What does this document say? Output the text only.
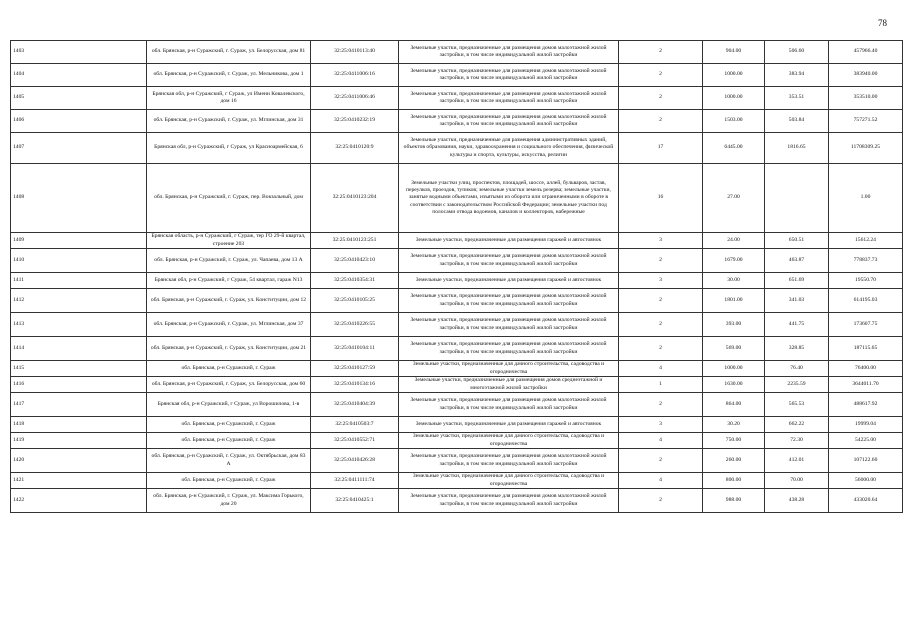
78
1403	обл. Брянская, р-н Суражский, г. Сураж, ул. Белорусская, дом 81	32:25:0410113:40	Земельные участки, предназначенные для размещения домов малоэтажной жилой застройки, в том числе индивидуальной жилой застройки	2	904.00	506.60	457966.40
1404	обл. Брянская, р-н Суражский, г. Сураж, ул. Мельникова, дом 1	32:25:0411006:16	Земельные участки, предназначенные для размещения домов малоэтажной жилой застройки, в том числе индивидуальной жилой застройки	2	1000.00	383.94	383940.00
1405	Брянская обл, р-н Суражский, г Сураж, ул Имени Ковалевского, дом 16	32:25:0411006:46	Земельные участки, предназначенные для размещения домов малоэтажной жилой застройки, в том числе индивидуальной жилой застройки	2	1000.00	353.51	353510.00
1406	обл. Брянская, р-н Суражский, г. Сураж, ул. Мглинская, дом 31	32:25:0410232:19	Земельные участки, предназначенные для размещения домов малоэтажной жилой застройки, в том числе индивидуальной жилой застройки	2	1503.00	503.84	757271.52
1407	Брянская обл, р-н Суражский, г Сураж, ул Красноармейская, 6	32:25:0410120:9	Земельные участки, предназначенные для размещения административных зданий, объектов образования, науки, здравоохранения и социального обеспечения, физической культуры и спорта, культуры, искусства, религии	17	6445.00	1816.65	11708309.25
1408	обл. Брянская, р-н Суражский, г. Сураж, пер. Вокзальный, дом	32:25:0410123:204	Земельные участки улиц, проспектов, площадей, шоссе, аллей, бульваров, застав, переулков, проездов, тупиков; земельные участки земель резерва; земельные участки, занятые водными объектами, изъятыми из оборота или ограниченными в обороте в соответствии с законодательством Российской Федерации; земельные участки под полосами отвода водоемов, каналов и коллекторов, набережные	16	27.00		1.00
1409	Брянская область, р-н Суражский, г Сураж, тер ГО 29-й квартал, строение 203	32:25:0410123:251	Земельные участки, предназначенные для размещения гаражей и автостоянок	3	24.00	650.51	15612.24
1410	обл. Брянская, р-н Суражский, г. Сураж, ул. Чапаева, дом 13 А	32:25:0410423:10	Земельные участки, предназначенные для размещения домов малоэтажной жилой застройки, в том числе индивидуальной жилой застройки	2	1679.00	463.87	778837.73
1411	Брянская обл, р-н Суражский, г Сураж, 54 квартал, гараж N13	32:25:0410354:31	Земельные участки, предназначенные для размещения гаражей и автостоянок	3	30.00	651.69	19550.70
1412	обл. Брянская, р-н Суражский, г. Сураж, ул. Конституции, дом 12	32:25:0410105:25	Земельные участки, предназначенные для размещения домов малоэтажной жилой застройки, в том числе индивидуальной жилой застройки	2	1801.00	341.03	614195.03
1413	обл. Брянская, р-н Суражский, г. Сураж, ул. Мглинская, дом 37	32:25:0410226:55	Земельные участки, предназначенные для размещения домов малоэтажной жилой застройки, в том числе индивидуальной жилой застройки	2	393.00	441.75	173607.75
1414	обл. Брянская, р-н Суражский, г. Сураж, ул. Конституции, дом 21	32:25:0410104:11	Земельные участки, предназначенные для размещения домов малоэтажной жилой застройки, в том числе индивидуальной жилой застройки	2	569.00	328.85	187115.65
1415	обл. Брянская, р-н Суражский, г. Сураж	32:25:0410127:59	Земельные участки, предназначенные для дачного строительства, садоводства и огородничества	4	1000.00	76.40	76400.00
1416	обл. Брянская, р-н Суражский, г. Сураж, ул. Белорусская, дом 60	32:25:0410134:16	Земельные участки, предназначенные для размещения домов среднеэтажной и многоэтажной жилой застройки	1	1630.00	2235.59	3644011.70
1417	Брянская обл, р-н Суражский, г Сураж, ул Ворошилова, 1-в	32:25:0410404:39	Земельные участки, предназначенные для размещения домов малоэтажной жилой застройки, в том числе индивидуальной жилой застройки	2	864.00	565.53	488617.92
1418	обл. Брянская, р-н Суражский, г. Сураж	32:25:0410503:7	Земельные участки, предназначенные для размещения гаражей и автостоянок	3	30.20	662.22	19999.04
1419	обл. Брянская, р-н Суражский, г. Сураж	32:25:0410552:71	Земельные участки, предназначенные для дачного строительства, садоводства и огородничества	4	750.00	72.30	54225.00
1420	обл. Брянская, р-н Суражский, г. Сураж, ул. Октябрьская, дом 83 А	32:25:0410426:28	Земельные участки, предназначенные для размещения домов малоэтажной жилой застройки, в том числе индивидуальной жилой застройки	2	260.00	412.01	107122.60
1421	обл. Брянская, р-н Суражский, г. Сураж	32:25:0411111:74	Земельные участки, предназначенные для дачного строительства, садоводства и огородничества	4	800.00	70.00	56000.00
1422	обл. Брянская, р-н Суражский, г. Сураж, ул. Максима Горького, дом 20	32:25:0410425:1	Земельные участки, предназначенные для размещения домов малоэтажной жилой застройки, в том числе индивидуальной жилой застройки	2	988.00	438.28	433020.64
